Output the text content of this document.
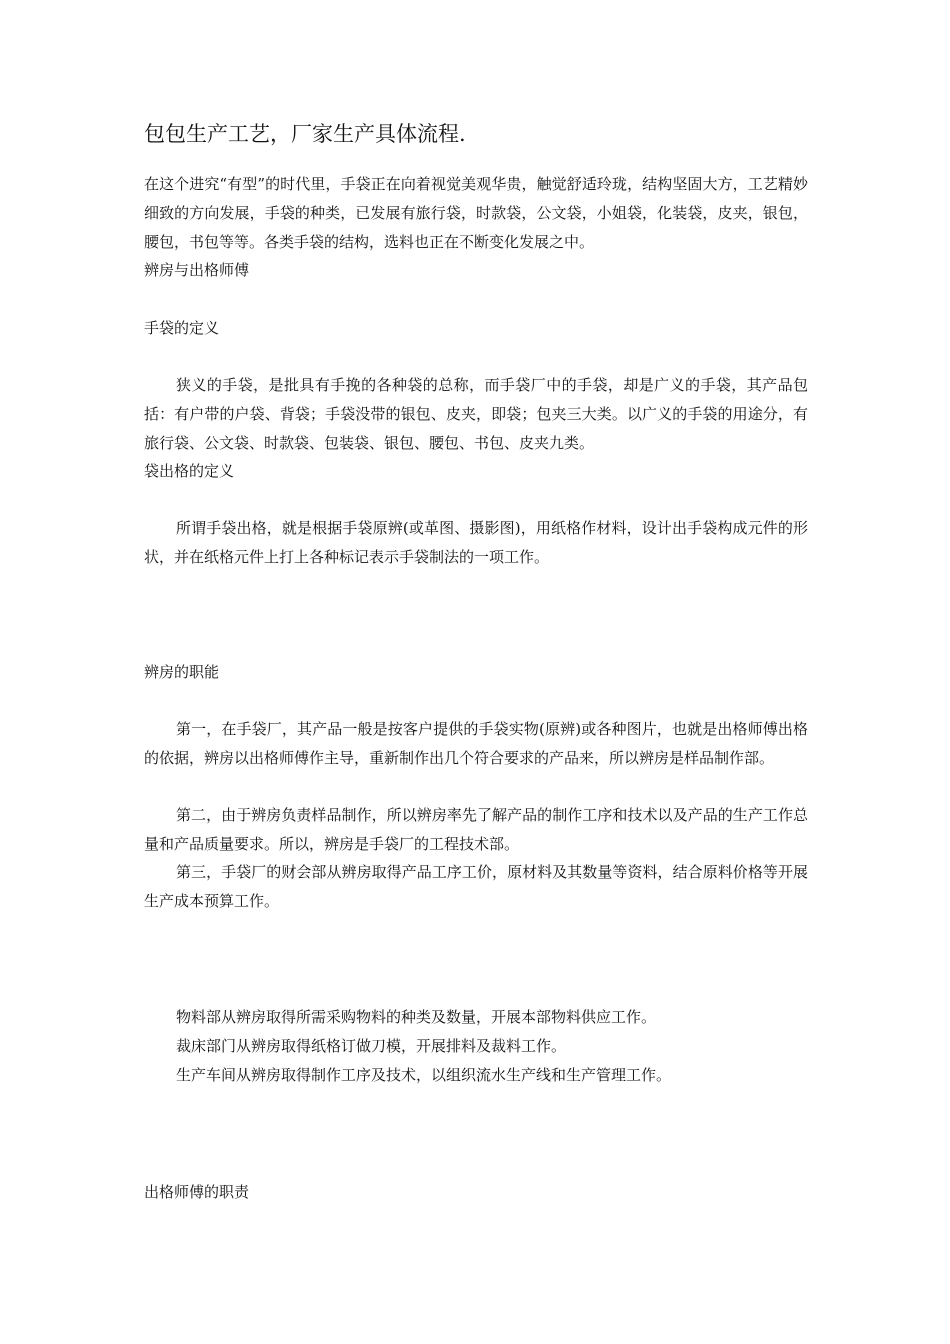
包包生产工艺，厂家生产具体流程.

在这个进究“有型”的时代里，手袋正在向着视觉美观华贵，触觉舒适玲珑，结构坚固大方，工艺精妙细致的方向发展，手袋的种类，已发展有旅行袋，时款袋，公文袋，小姐袋，化装袋，皮夹，银包，腰包，书包等等。各类手袋的结构，选料也正在不断变化发展之中。

辨房与出格师傅

手袋的定义

狭义的手袋，是批具有手挽的各种袋的总称，而手袋厂中的手袋，却是广义的手袋，其产品包括：有户带的户袋、背袋；手袋没带的银包、皮夹，即袋；包夹三大类。以广义的手袋的用途分，有旅行袋、公文袋、时款袋、包装袋、银包、腰包、书包、皮夹九类。

袋出格的定义

所谓手袋出格，就是根据手袋原辨(或革图、摄影图)，用纸格作材料，设计出手袋构成元件的形状，并在纸格元件上打上各种标记表示手袋制法的一项工作。

辨房的职能

第一，在手袋厂，其产品一般是按客户提供的手袋实物(原辨)或各种图片，也就是出格师傅出格的依据，辨房以出格师傅作主导，重新制作出几个符合要求的产品来，所以辨房是样品制作部。

第二，由于辨房负责样品制作，所以辨房率先了解产品的制作工序和技术以及产品的生产工作总量和产品质量要求。所以，辨房是手袋厂的工程技术部。

第三，手袋厂的财会部从辨房取得产品工序工价，原材料及其数量等资料，结合原料价格等开展生产成本预算工作。

物料部从辨房取得所需采购物料的种类及数量，开展本部物料供应工作。

裁床部门从辨房取得纸格订做刀模，开展排料及裁料工作。

生产车间从辨房取得制作工序及技术，以组织流水生产线和生产管理工作。

出格师傅的职责
